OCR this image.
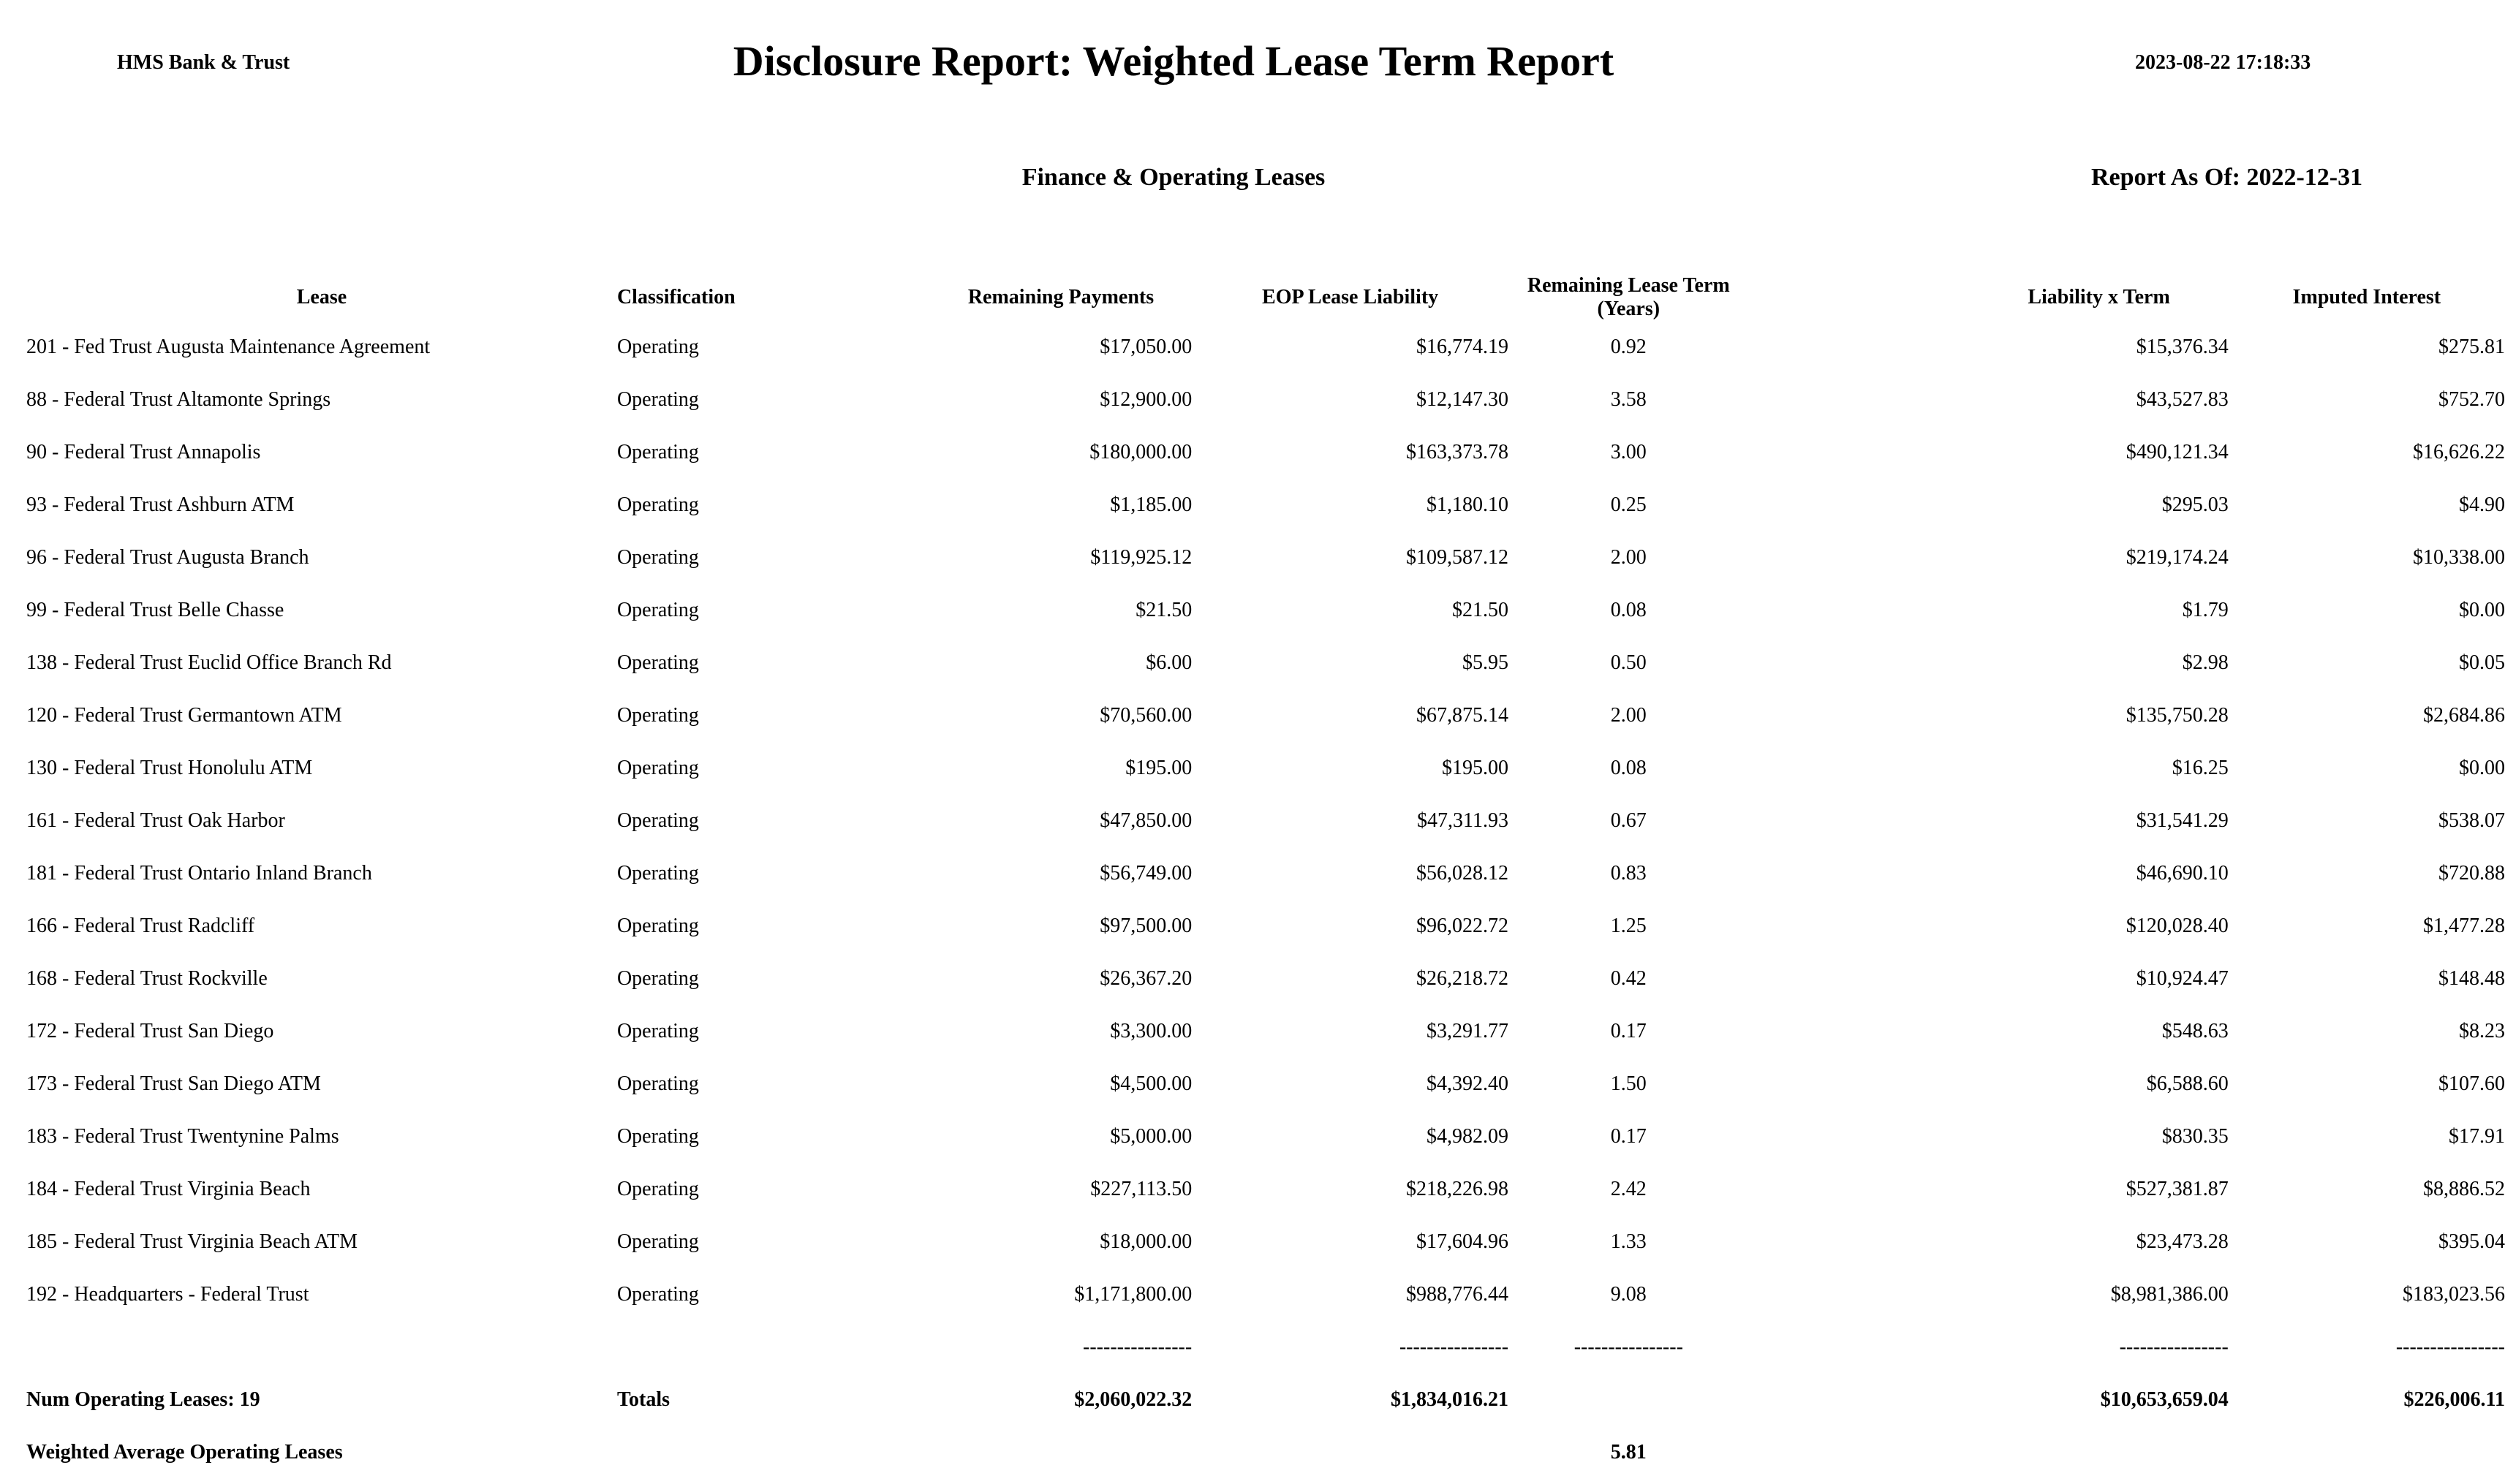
HMS Bank & Trust	Disclosure Report: Weighted Lease Term Report	2023-08-22 17:18:33
Finance & Operating Leases	Report As Of: 2022-12-31
Lease	Classification	Remaining Payments	EOP Lease Liability	Remaining Lease Term (Years)	Liability x Term	Imputed Interest
201 - Fed Trust Augusta Maintenance Agreement	Operating	$17,050.00	$16,774.19	0.92	$15,376.34	$275.81
88 - Federal Trust Altamonte Springs	Operating	$12,900.00	$12,147.30	3.58	$43,527.83	$752.70
90 - Federal Trust Annapolis	Operating	$180,000.00	$163,373.78	3.00	$490,121.34	$16,626.22
93 - Federal Trust Ashburn ATM	Operating	$1,185.00	$1,180.10	0.25	$295.03	$4.90
96 - Federal Trust Augusta Branch	Operating	$119,925.12	$109,587.12	2.00	$219,174.24	$10,338.00
99 - Federal Trust Belle Chasse	Operating	$21.50	$21.50	0.08	$1.79	$0.00
138 - Federal Trust Euclid Office Branch Rd	Operating	$6.00	$5.95	0.50	$2.98	$0.05
120 - Federal Trust Germantown ATM	Operating	$70,560.00	$67,875.14	2.00	$135,750.28	$2,684.86
130 - Federal Trust Honolulu ATM	Operating	$195.00	$195.00	0.08	$16.25	$0.00
161 - Federal Trust Oak Harbor	Operating	$47,850.00	$47,311.93	0.67	$31,541.29	$538.07
181 - Federal Trust Ontario Inland Branch	Operating	$56,749.00	$56,028.12	0.83	$46,690.10	$720.88
166 - Federal Trust Radcliff	Operating	$97,500.00	$96,022.72	1.25	$120,028.40	$1,477.28
168 - Federal Trust Rockville	Operating	$26,367.20	$26,218.72	0.42	$10,924.47	$148.48
172 - Federal Trust San Diego	Operating	$3,300.00	$3,291.77	0.17	$548.63	$8.23
173 - Federal Trust San Diego ATM	Operating	$4,500.00	$4,392.40	1.50	$6,588.60	$107.60
183 - Federal Trust Twentynine Palms	Operating	$5,000.00	$4,982.09	0.17	$830.35	$17.91
184 - Federal Trust Virginia Beach	Operating	$227,113.50	$218,226.98	2.42	$527,381.87	$8,886.52
185 - Federal Trust Virginia Beach ATM	Operating	$18,000.00	$17,604.96	1.33	$23,473.28	$395.04
192 - Headquarters - Federal Trust	Operating	$1,171,800.00	$988,776.44	9.08	$8,981,386.00	$183,023.56
		----------------	----------------	----------------	----------------	----------------
Num Operating Leases: 19	Totals	$2,060,022.32	$1,834,016.21		$10,653,659.04	$226,006.11
Weighted Average Operating Leases				5.81		
